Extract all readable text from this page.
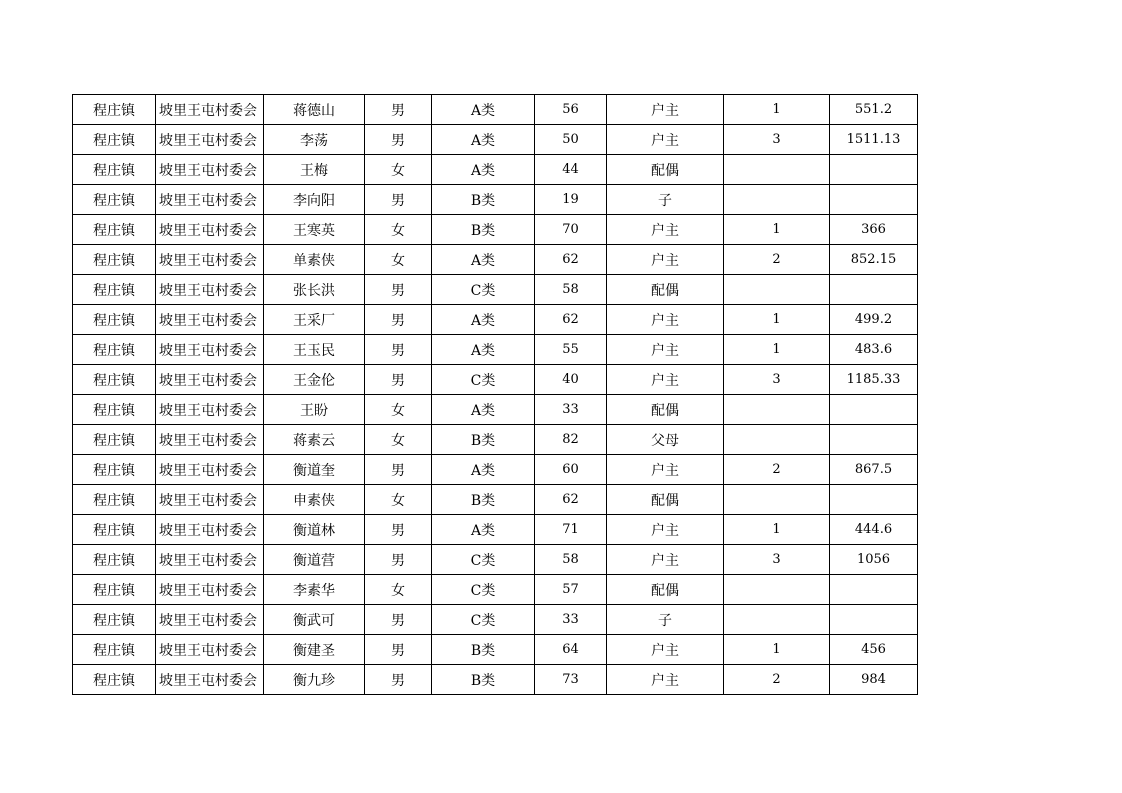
程庄镇	坡里王屯村委会	蒋德山	男	A类	56	户主	1	551.2
程庄镇	坡里王屯村委会	李荡	男	A类	50	户主	3	1511.13
程庄镇	坡里王屯村委会	王梅	女	A类	44	配偶		
程庄镇	坡里王屯村委会	李向阳	男	B类	19	子		
程庄镇	坡里王屯村委会	王寒英	女	B类	70	户主	1	366
程庄镇	坡里王屯村委会	单素侠	女	A类	62	户主	2	852.15
程庄镇	坡里王屯村委会	张长洪	男	C类	58	配偶		
程庄镇	坡里王屯村委会	王采厂	男	A类	62	户主	1	499.2
程庄镇	坡里王屯村委会	王玉民	男	A类	55	户主	1	483.6
程庄镇	坡里王屯村委会	王金伦	男	C类	40	户主	3	1185.33
程庄镇	坡里王屯村委会	王盼	女	A类	33	配偶		
程庄镇	坡里王屯村委会	蒋素云	女	B类	82	父母		
程庄镇	坡里王屯村委会	衡道奎	男	A类	60	户主	2	867.5
程庄镇	坡里王屯村委会	申素侠	女	B类	62	配偶		
程庄镇	坡里王屯村委会	衡道林	男	A类	71	户主	1	444.6
程庄镇	坡里王屯村委会	衡道营	男	C类	58	户主	3	1056
程庄镇	坡里王屯村委会	李素华	女	C类	57	配偶		
程庄镇	坡里王屯村委会	衡武可	男	C类	33	子		
程庄镇	坡里王屯村委会	衡建圣	男	B类	64	户主	1	456
程庄镇	坡里王屯村委会	衡九珍	男	B类	73	户主	2	984
